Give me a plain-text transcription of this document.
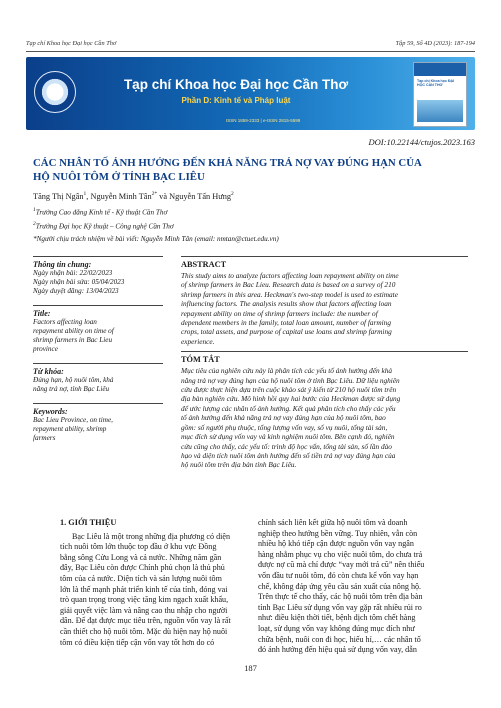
Tạp chí Khoa học Đại học Cần Thơ	Tập 59, Số 4D (2023): 187-194
Tạp chí Khoa học Đại học Cần Thơ
Phần D: Kinh tế và Pháp luật
ISSN 1859-2333 | e-ISSN 2815-5599
Tạp chí Khoa học ĐẠI HỌC CẦN THƠ
DOI:10.22144/ctujos.2023.163
CÁC NHÂN TỐ ẢNH HƯỞNG ĐẾN KHẢ NĂNG TRẢ NỢ VAY ĐÚNG HẠN CỦA
HỘ NUÔI TÔM Ở TỈNH BẠC LIÊU
Tăng Thị Ngân$^1$, Nguyễn Minh Tân$^{2*}$ và Nguyễn Tấn Hưng$^2$
$^1$Trường Cao đẳng Kinh tế - Kỹ thuật Cần Thơ
$^2$Trường Đại học Kỹ thuật – Công nghệ Cần Thơ
*Người chịu trách nhiệm về bài viết: Nguyễn Minh Tân (email: nmtan@ctuet.edu.vn)
Thông tin chung:
Ngày nhận bài: 22/02/2023
Ngày nhận bài sửa: 05/04/2023
Ngày duyệt đăng: 13/04/2023
Title:
Factors affecting loan
repayment ability on time of
shrimp farmers in Bac Lieu
province
Từ khóa:
Đúng hạn, hộ nuôi tôm, khả
năng trả nợ, tỉnh Bạc Liêu
Keywords:
Bac Lieu Province, on time,
repayment ability, shrimp
farmers
ABSTRACT
This study aims to analyze factors affecting loan repayment ability on time
of shrimp farmers in Bac Lieu. Research data is based on a survey of 210
shrimp farmers in this area. Heckman's two-step model is used to estimate
influencing factors. The analysis results show that factors affecting loan
repayment ability on time of shrimp farmers include: the number of
dependent members in the family, total loan amount, number of farming
crops, total assets, and purpose of capital use loans and shrimp farming
experience.
TÓM TẮT
Mục tiêu của nghiên cứu này là phân tích các yếu tố ảnh hưởng đến khả
năng trả nợ vay đúng hạn của hộ nuôi tôm ở tỉnh Bạc Liêu. Dữ liệu nghiên
cứu được thực hiện dựa trên cuộc khảo sát ý kiến từ 210 hộ nuôi tôm trên
địa bàn nghiên cứu. Mô hình hồi quy hai bước của Heckman được sử dụng
để ước lượng các nhân tố ảnh hưởng. Kết quả phân tích cho thấy các yếu
tố ảnh hưởng đến khả năng trả nợ vay đúng hạn của hộ nuôi tôm, bao
gồm: số người phụ thuộc, tổng lượng vốn vay, số vụ nuôi, tổng tài sản,
mục đích sử dụng vốn vay và kinh nghiệm nuôi tôm. Bên cạnh đó, nghiên
cứu cũng cho thấy, các yếu tố: trình độ học vấn, tổng tài sản, số lần đào
hạo và diện tích nuôi tôm ảnh hưởng đến số tiền trả nợ vay đúng hạn của
hộ nuôi tôm trên địa bàn tỉnh Bạc Liêu.
1. GIỚI THIỆU
Bạc Liêu là một trong những địa phương có diện
tích nuôi tôm lớn thuộc top đầu ở khu vực Đồng
bằng sông Cửu Long và cả nước. Những năm gần
đây, Bạc Liêu còn được Chính phủ chọn là thủ phủ
tôm của cả nước. Diện tích và sản lượng nuôi tôm
lớn là thế mạnh phát triển kinh tế của tỉnh, đóng vai
trò quan trọng trong việc tăng kim ngạch xuất khẩu,
giải quyết việc làm và nâng cao thu nhập cho người
dân. Để đạt được mục tiêu trên, nguồn vốn vay là rất
cần thiết cho hộ nuôi tôm. Mặc dù hiện nay hộ nuôi
tôm có điều kiện tiếp cận vốn vay tốt hơn do có
chính sách liên kết giữa hộ nuôi tôm và doanh
nghiệp theo hướng bền vững. Tuy nhiên, vẫn còn
nhiều hộ khó tiếp cận được nguồn vốn vay ngân
hàng nhằm phục vụ cho việc nuôi tôm, do chưa trả
được nợ cũ mà chỉ được “vay mới trả cũ” nên thiếu
vốn đầu tư nuôi tôm, đó còn chưa kể vốn vay hạn
chế, không đáp ứng yêu cầu sản xuất của nông hộ.
Trên thực tế cho thấy, các hộ nuôi tôm trên địa bàn
tỉnh Bạc Liêu sử dụng vốn vay gặp rất nhiều rủi ro
như: điều kiện thời tiết, bệnh dịch tôm chết hàng
loạt, sử dụng vốn vay không đúng mục đích như
chữa bệnh, nuôi con đi học, hiếu hỉ,… các nhân tố
đó ảnh hưởng đến hiệu quả sử dụng vốn vay, dẫn
187
